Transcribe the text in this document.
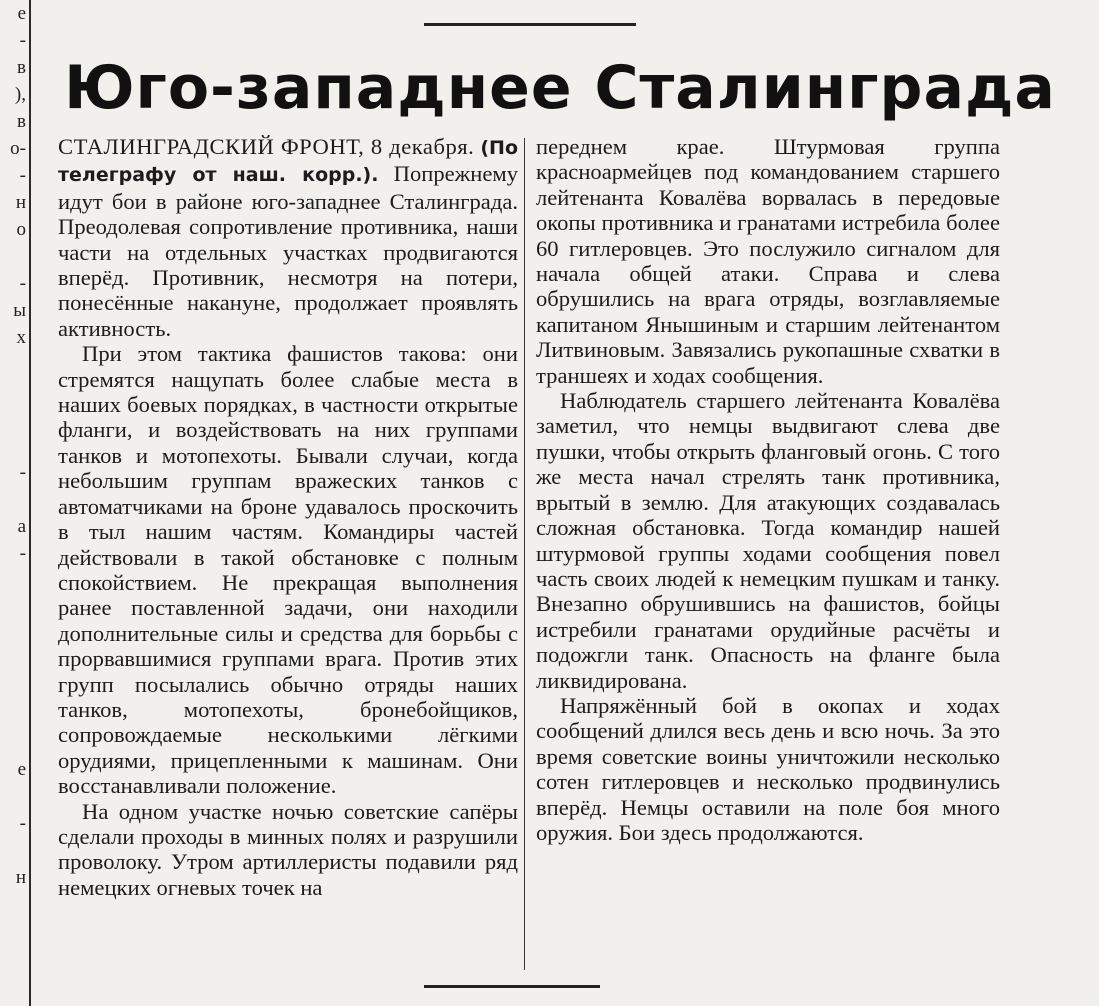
е
-
в
),
в
о-
-
н
о
-
ы
х
-
а
-
е
-
н
Юго-западнее Сталинграда

СТАЛИНГРАДСКИЙ ФРОНТ, 8 декабря. (По телеграфу от наш. корр.). Попрежнему идут бои в районе юго-западнее Сталинграда. Преодолевая сопротивление противника, наши части на отдельных участках продвигаются вперёд. Противник, несмотря на потери, понесённые накануне, продолжает проявлять активность.

При этом тактика фашистов такова: они стремятся нащупать более слабые места в наших боевых порядках, в частности открытые фланги, и воздействовать на них группами танков и мотопехоты. Бывали случаи, когда небольшим группам вражеских танков с автоматчиками на броне удавалось проскочить в тыл нашим частям. Командиры частей действовали в такой обстановке с полным спокойствием. Не прекращая выполнения ранее поставленной задачи, они находили дополнительные силы и средства для борьбы с прорвавшимися группами врага. Против этих групп посылались обычно отряды наших танков, мотопехоты, бронебойщиков, сопровождаемые несколькими лёгкими орудиями, прицепленными к машинам. Они восстанавливали положение.

На одном участке ночью советские сапёры сделали проходы в минных полях и разрушили проволоку. Утром артиллеристы подавили ряд немецких огневых точек на

переднем крае. Штурмовая группа красноармейцев под командованием старшего лейтенанта Ковалёва ворвалась в передовые окопы противника и гранатами истребила более 60 гитлеровцев. Это послужило сигналом для начала общей атаки. Справа и слева обрушились на врага отряды, возглавляемые капитаном Янышиным и старшим лейтенантом Литвиновым. Завязались рукопашные схватки в траншеях и ходах сообщения.

Наблюдатель старшего лейтенанта Ковалёва заметил, что немцы выдвигают слева две пушки, чтобы открыть фланговый огонь. С того же места начал стрелять танк противника, врытый в землю. Для атакующих создавалась сложная обстановка. Тогда командир нашей штурмовой группы ходами сообщения повел часть своих людей к немецким пушкам и танку. Внезапно обрушившись на фашистов, бойцы истребили гранатами орудийные расчёты и подожгли танк. Опасность на фланге была ликвидирована.

Напряжённый бой в окопах и ходах сообщений длился весь день и всю ночь. За это время советские воины уничтожили несколько сотен гитлеровцев и несколько продвинулись вперёд. Немцы оставили на поле боя много оружия. Бои здесь продолжаются.
